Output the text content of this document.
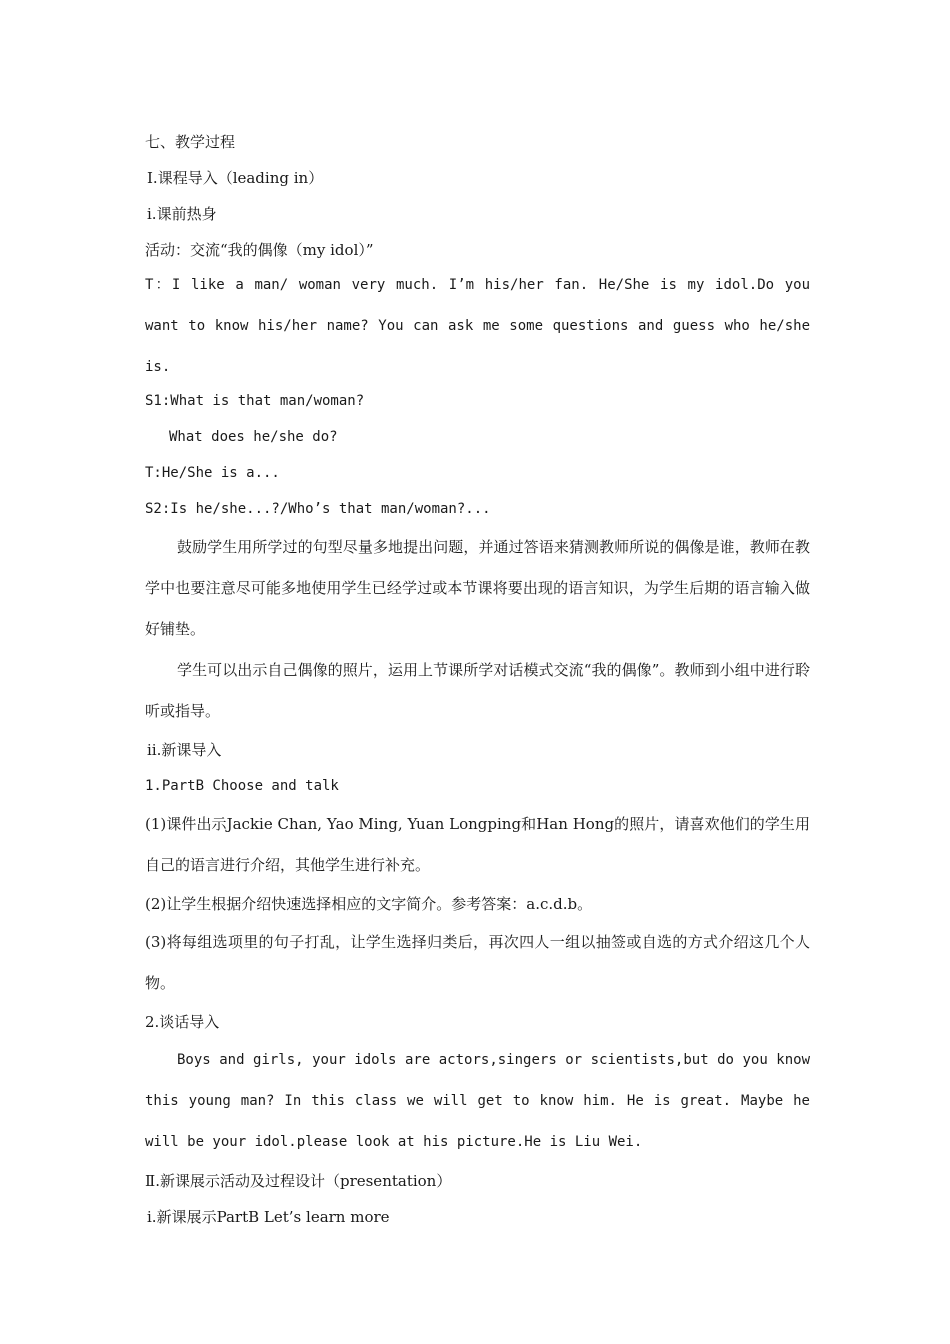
七、教学过程
Ⅰ.课程导入（leading in）
ⅰ.课前热身
活动：交流“我的偶像（my idol）”

T：I like a man/ woman very much. I’m his/her fan. He/She is my idol.Do you want to know his/her name? You can ask me some questions and guess who he/she is.

S1:What is that man/woman?
What does he/she do?
T:He/She is a...
S2:Is he/she...?/Who’s that man/woman?...

鼓励学生用所学过的句型尽量多地提出问题，并通过答语来猜测教师所说的偶像是谁，教师在教学中也要注意尽可能多地使用学生已经学过或本节课将要出现的语言知识，为学生后期的语言输入做好铺垫。

学生可以出示自己偶像的照片，运用上节课所学对话模式交流“我的偶像”。教师到小组中进行聆听或指导。

ⅱ.新课导入
1.PartB Choose and talk

(1)课件出示Jackie Chan, Yao Ming, Yuan Longping和Han Hong的照片，请喜欢他们的学生用自己的语言进行介绍，其他学生进行补充。

(2)让学生根据介绍快速选择相应的文字简介。参考答案：a.c.d.b。

(3)将每组选项里的句子打乱，让学生选择归类后，再次四人一组以抽签或自选的方式介绍这几个人物。

2.谈话导入

Boys and girls, your idols are actors,singers or scientists,but do you know this young man? In this class we will get to know him. He is great. Maybe he will be your idol.please look at his picture.He is Liu Wei.

Ⅱ.新课展示活动及过程设计（presentation）
ⅰ.新课展示PartB Let’s learn more
